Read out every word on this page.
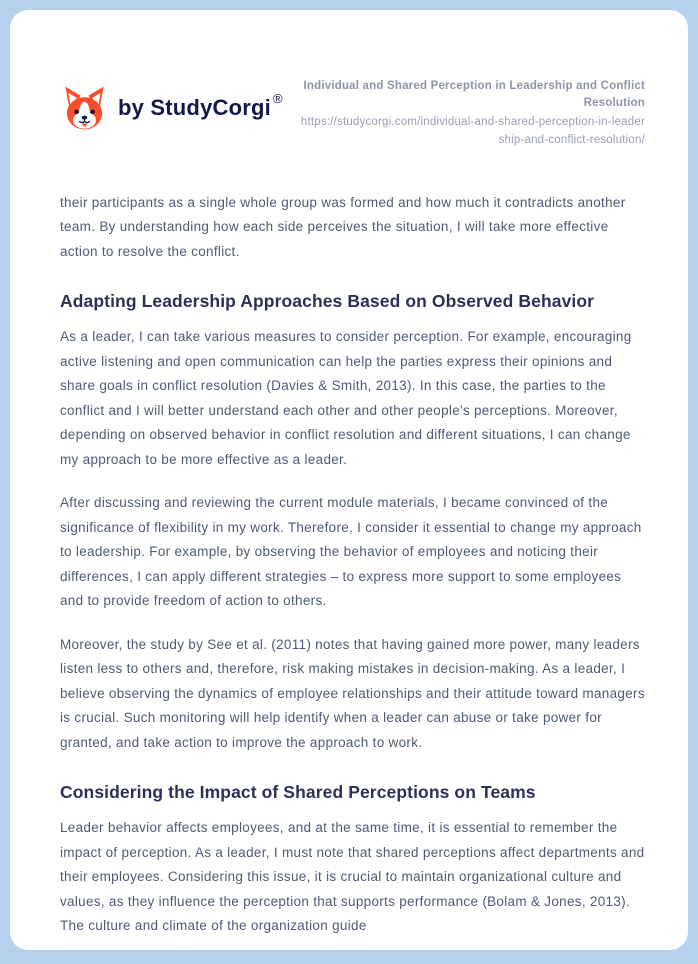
by StudyCorgi ®
Individual and Shared Perception in Leadership and Conflict Resolution
https://studycorgi.com/individual-and-shared-perception-in-leadership-and-conflict-resolution/

their participants as a single whole group was formed and how much it contradicts another team. By understanding how each side perceives the situation, I will take more effective action to resolve the conflict.

Adapting Leadership Approaches Based on Observed Behavior

As a leader, I can take various measures to consider perception. For example, encouraging active listening and open communication can help the parties express their opinions and share goals in conflict resolution (Davies & Smith, 2013). In this case, the parties to the conflict and I will better understand each other and other people's perceptions. Moreover, depending on observed behavior in conflict resolution and different situations, I can change my approach to be more effective as a leader.

After discussing and reviewing the current module materials, I became convinced of the significance of flexibility in my work. Therefore, I consider it essential to change my approach to leadership. For example, by observing the behavior of employees and noticing their differences, I can apply different strategies – to express more support to some employees and to provide freedom of action to others.

Moreover, the study by See et al. (2011) notes that having gained more power, many leaders listen less to others and, therefore, risk making mistakes in decision-making. As a leader, I believe observing the dynamics of employee relationships and their attitude toward managers is crucial. Such monitoring will help identify when a leader can abuse or take power for granted, and take action to improve the approach to work.

Considering the Impact of Shared Perceptions on Teams

Leader behavior affects employees, and at the same time, it is essential to remember the impact of perception. As a leader, I must note that shared perceptions affect departments and their employees. Considering this issue, it is crucial to maintain organizational culture and values, as they influence the perception that supports performance (Bolam & Jones, 2013). The culture and climate of the organization guide
